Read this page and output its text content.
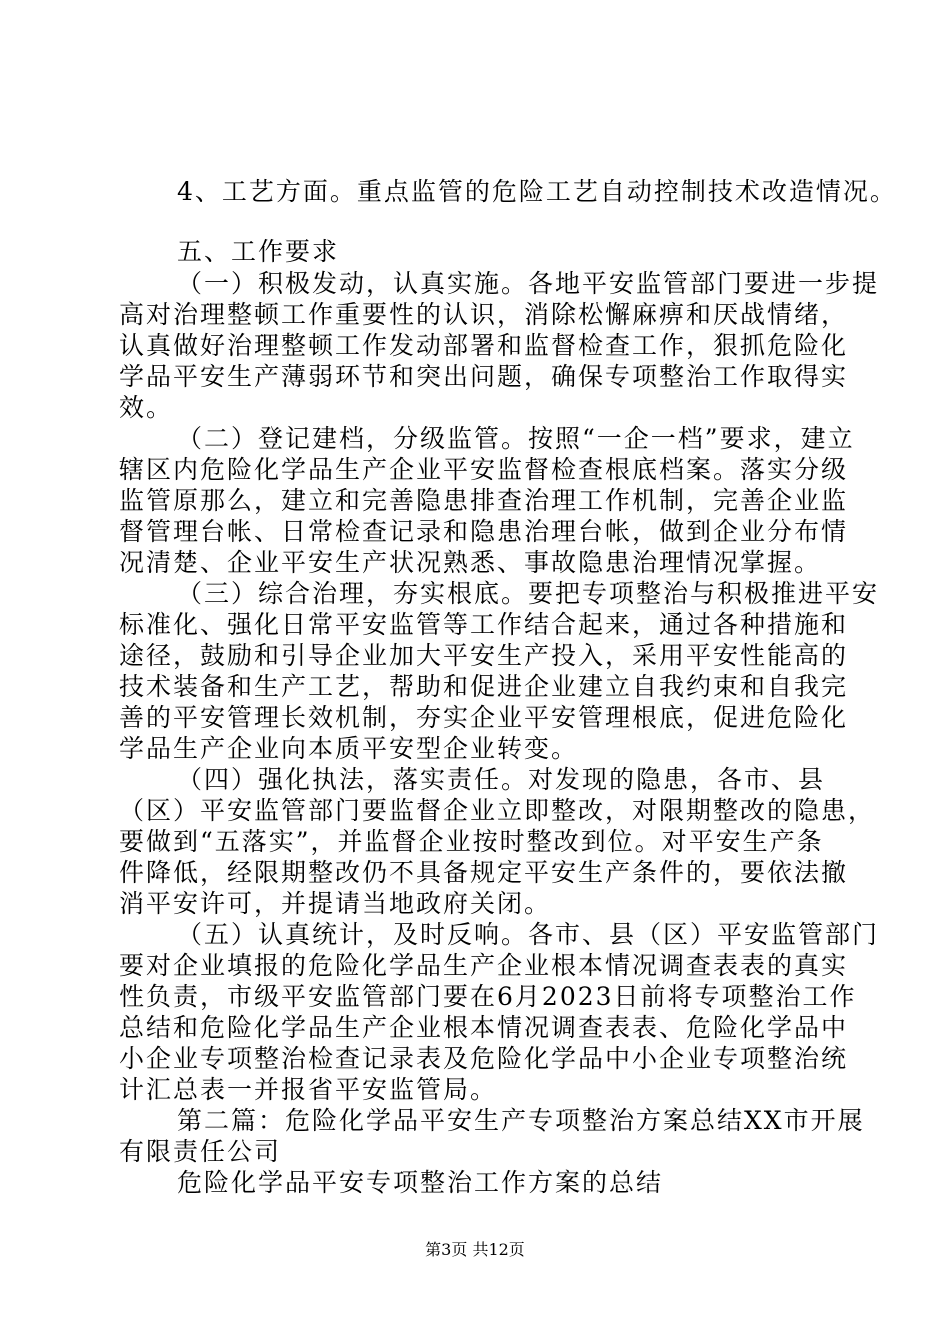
4、工艺方面。重点监管的危险工艺自动控制技术改造情况。
五、工作要求
（一）积极发动，认真实施。各地平安监管部门要进一步提
高对治理整顿工作重要性的认识，消除松懈麻痹和厌战情绪，
认真做好治理整顿工作发动部署和监督检查工作，狠抓危险化
学品平安生产薄弱环节和突出问题，确保专项整治工作取得实
效。
（二）登记建档，分级监管。按照“一企一档”要求，建立
辖区内危险化学品生产企业平安监督检查根底档案。落实分级
监管原那么，建立和完善隐患排查治理工作机制，完善企业监
督管理台帐、日常检查记录和隐患治理台帐，做到企业分布情
况清楚、企业平安生产状况熟悉、事故隐患治理情况掌握。
（三）综合治理，夯实根底。要把专项整治与积极推进平安
标准化、强化日常平安监管等工作结合起来，通过各种措施和
途径，鼓励和引导企业加大平安生产投入，采用平安性能高的
技术装备和生产工艺，帮助和促进企业建立自我约束和自我完
善的平安管理长效机制，夯实企业平安管理根底，促进危险化
学品生产企业向本质平安型企业转变。
（四）强化执法，落实责任。对发现的隐患，各市、县
（区）平安监管部门要监督企业立即整改，对限期整改的隐患，
要做到“五落实”，并监督企业按时整改到位。对平安生产条
件降低，经限期整改仍不具备规定平安生产条件的，要依法撤
消平安许可，并提请当地政府关闭。
（五）认真统计，及时反响。各市、县（区）平安监管部门
要对企业填报的危险化学品生产企业根本情况调查表表的真实
性负责，市级平安监管部门要在6月2023日前将专项整治工作
总结和危险化学品生产企业根本情况调查表表、危险化学品中
小企业专项整治检查记录表及危险化学品中小企业专项整治统
计汇总表一并报省平安监管局。
第二篇：危险化学品平安生产专项整治方案总结XX市开展
有限责任公司
危险化学品平安专项整治工作方案的总结
第3页 共12页
